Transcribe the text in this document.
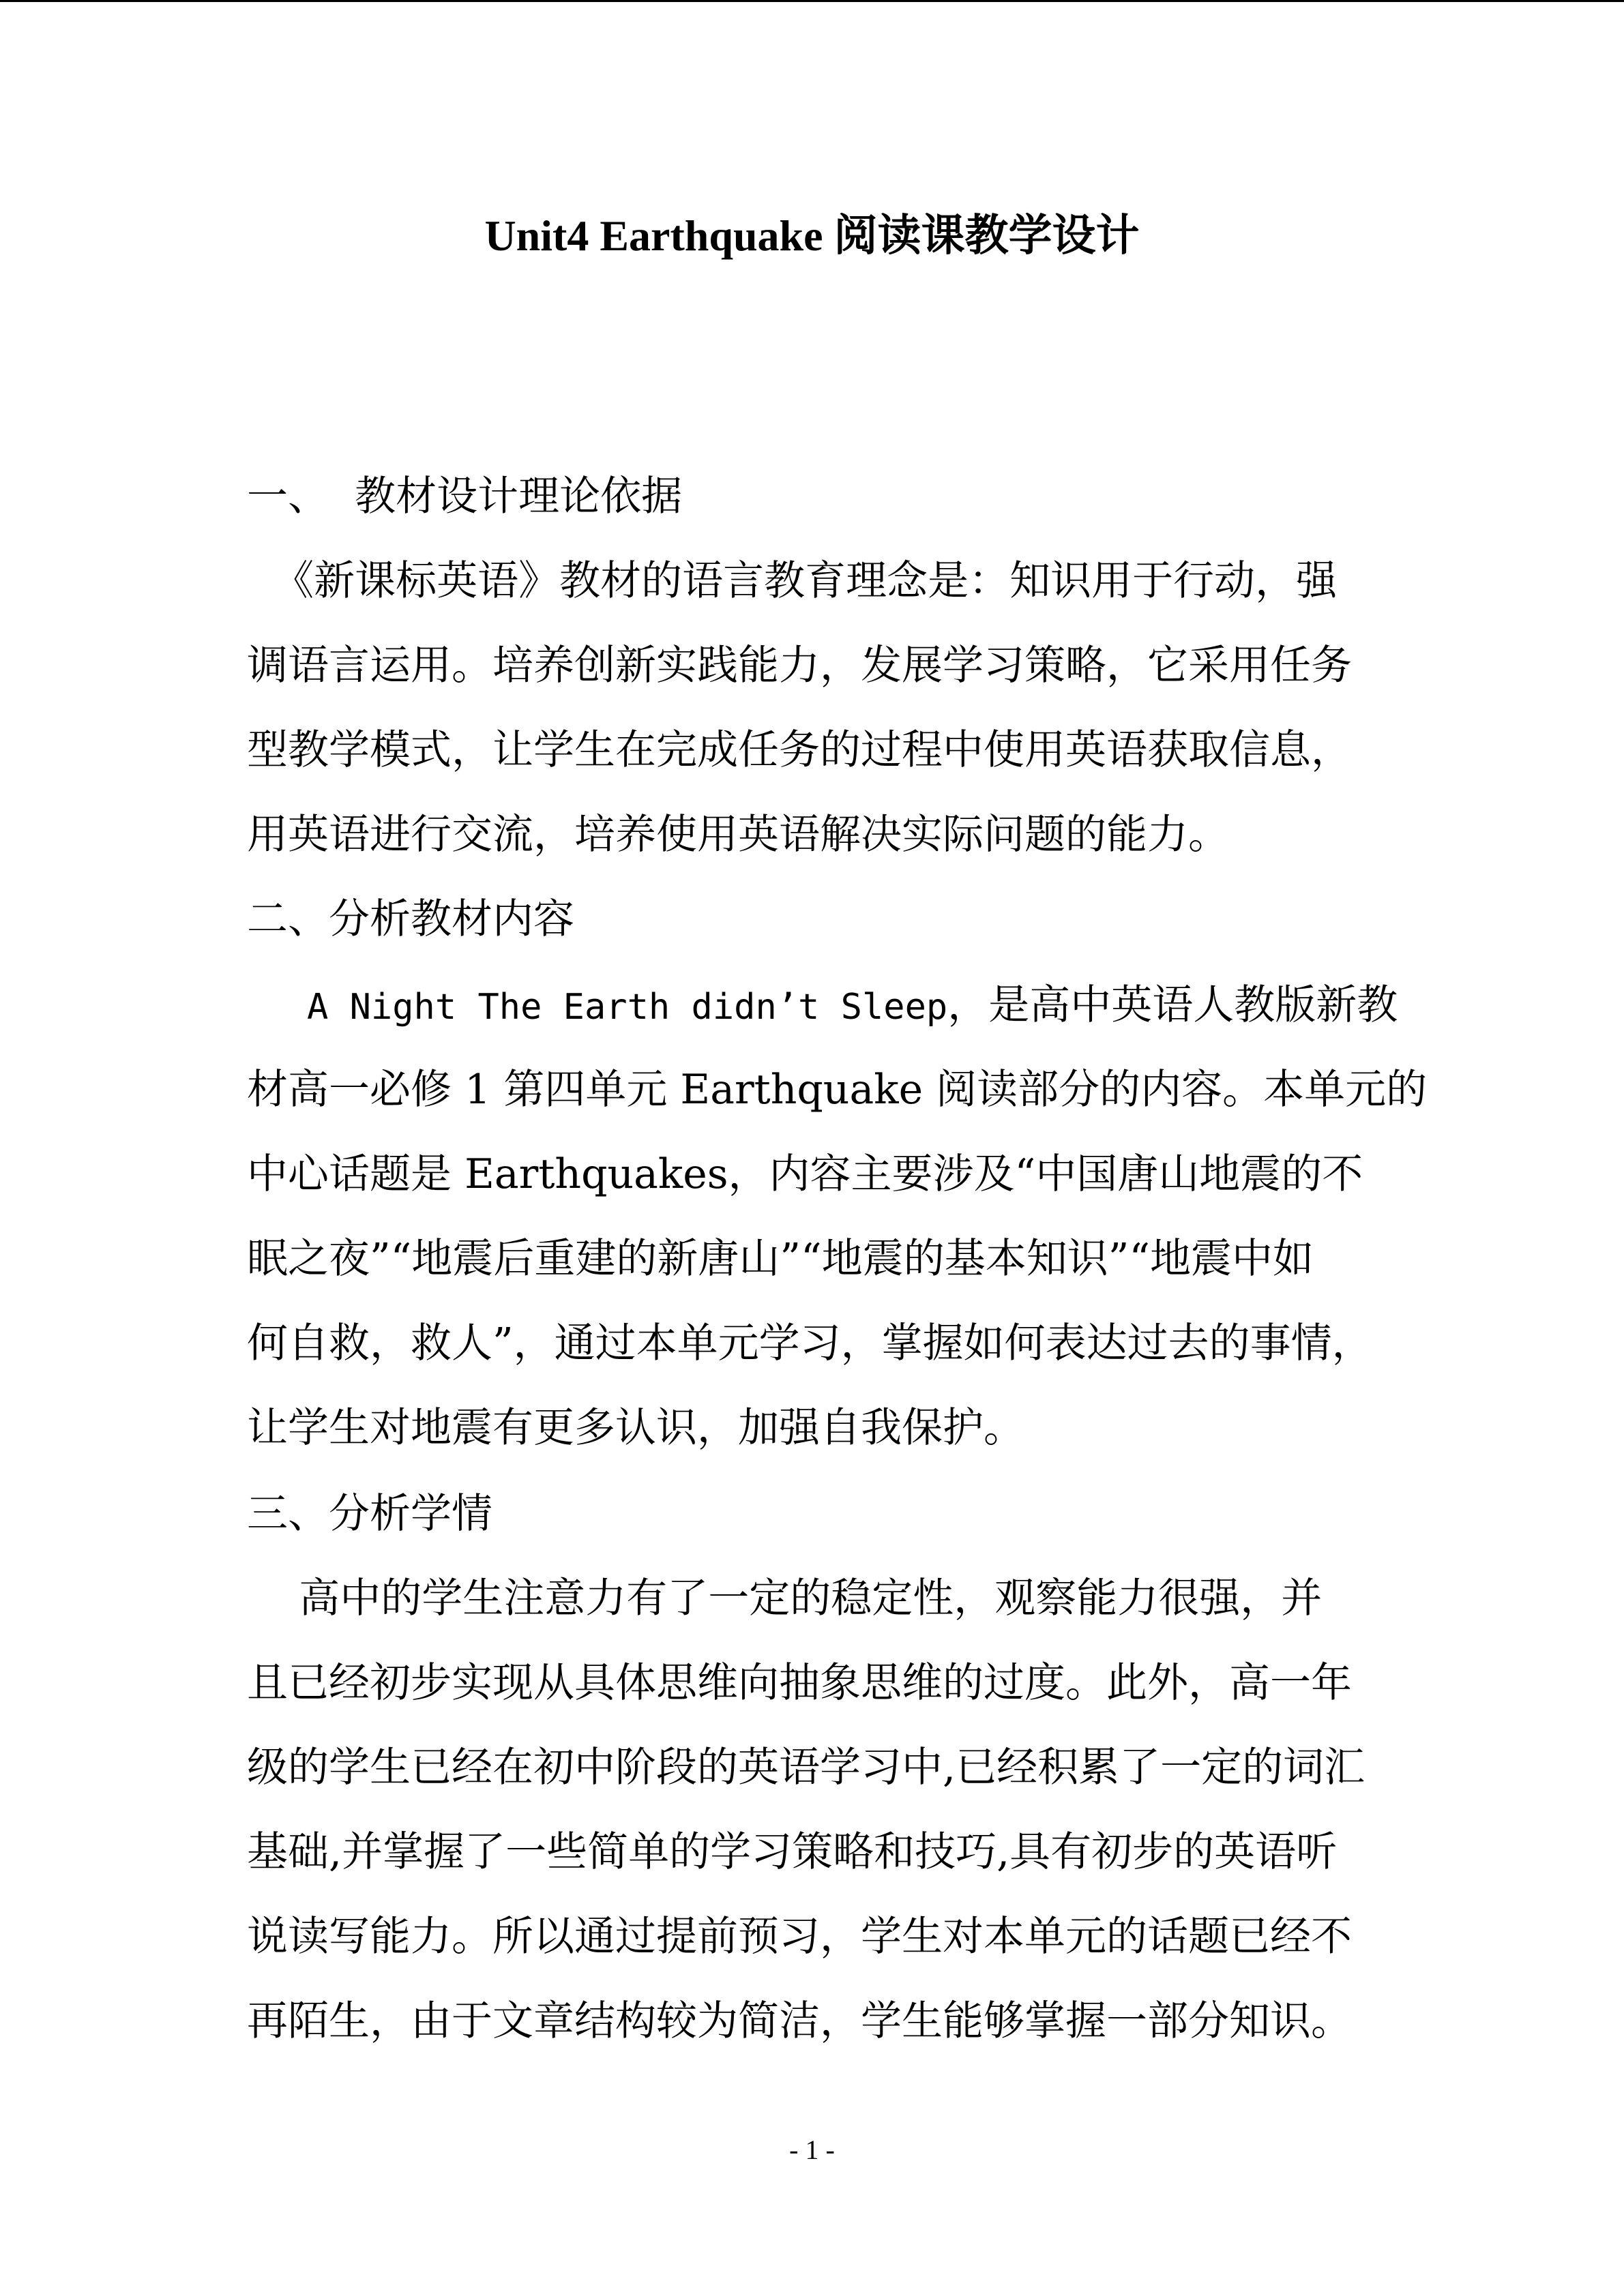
Unit4 Earthquake 阅读课教学设计

一、  教材设计理论依据

《新课标英语》教材的语言教育理念是：知识用于行动，强

调语言运用。培养创新实践能力，发展学习策略，它采用任务

型教学模式，让学生在完成任务的过程中使用英语获取信息，

用英语进行交流，培养使用英语解决实际问题的能力。

二、分析教材内容

A Night The Earth didn’t Sleep，是高中英语人教版新教

材高一必修 1 第四单元 Earthquake 阅读部分的内容。本单元的

中心话题是 Earthquakes，内容主要涉及“中国唐山地震的不

眠之夜”“地震后重建的新唐山”“地震的基本知识”“地震中如

何自救，救人”，通过本单元学习，掌握如何表达过去的事情，

让学生对地震有更多认识，加强自我保护。

三、分析学情

高中的学生注意力有了一定的稳定性，观察能力很强，并

且已经初步实现从具体思维向抽象思维的过度。此外，高一年

级的学生已经在初中阶段的英语学习中,已经积累了一定的词汇

基础,并掌握了一些简单的学习策略和技巧,具有初步的英语听

说读写能力。所以通过提前预习，学生对本单元的话题已经不

再陌生，由于文章结构较为简洁，学生能够掌握一部分知识。

- 1 -
